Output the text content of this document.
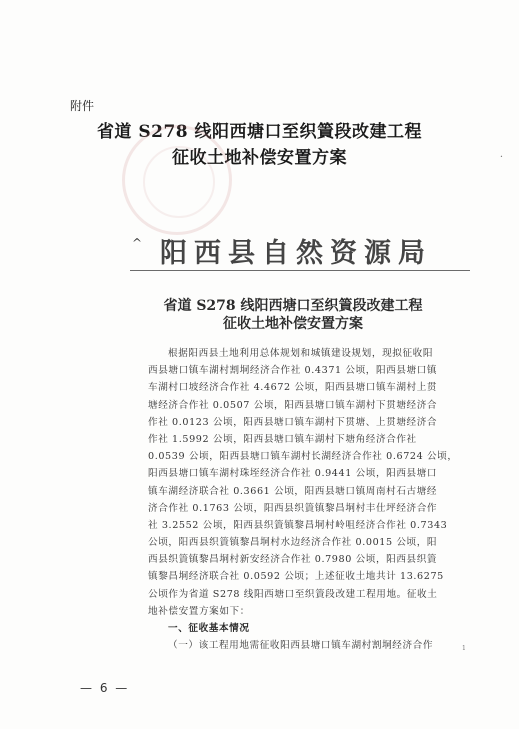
附件
省道 S278 线阳西塘口至织篢段改建工程
征收土地补偿安置方案	·
^ 阳西县自然资源局
省道 S278 线阳西塘口至织篢段改建工程
征收土地补偿安置方案
根据阳西县土地利用总体规划和城镇建设规划，现拟征收阳
西县塘口镇车湖村割垌经济合作社 0.4371 公顷，阳西县塘口镇
车湖村口坡经济合作社 4.4672 公顷，阳西县塘口镇车湖村上贯
塘经济合作社 0.0507 公顷，阳西县塘口镇车湖村下贯塘经济合
作社 0.0123 公顷，阳西县塘口镇车湖村下贯塘、上贯塘经济合
作社 1.5992 公顷，阳西县塘口镇车湖村下塘角经济合作社
0.0539 公顷，阳西县塘口镇车湖村长湖经济合作社 0.6724 公顷，
阳西县塘口镇车湖村珠垤经济合作社 0.9441 公顷，阳西县塘口
镇车湖经济联合社 0.3661 公顷，阳西县塘口镇周南村石古塘经
济合作社 0.1763 公顷，阳西县织篢镇黎昌垌村丰仕坪经济合作
社 3.2552 公顷，阳西县织篢镇黎昌垌村岭咀经济合作社 0.7343
公顷，阳西县织篢镇黎昌垌村水边经济合作社 0.0015 公顷，阳
西县织篢镇黎昌垌村新安经济合作社 0.7980 公顷，阳西县织篢
镇黎昌垌经济联合社 0.0592 公顷；上述征收土地共计 13.6275
公顷作为省道 S278 线阳西塘口至织篢段改建工程用地。征收土
地补偿安置方案如下：
一、征收基本情况
（一）该工程用地需征收阳西县塘口镇车湖村割垌经济合作	1
— 6 —
